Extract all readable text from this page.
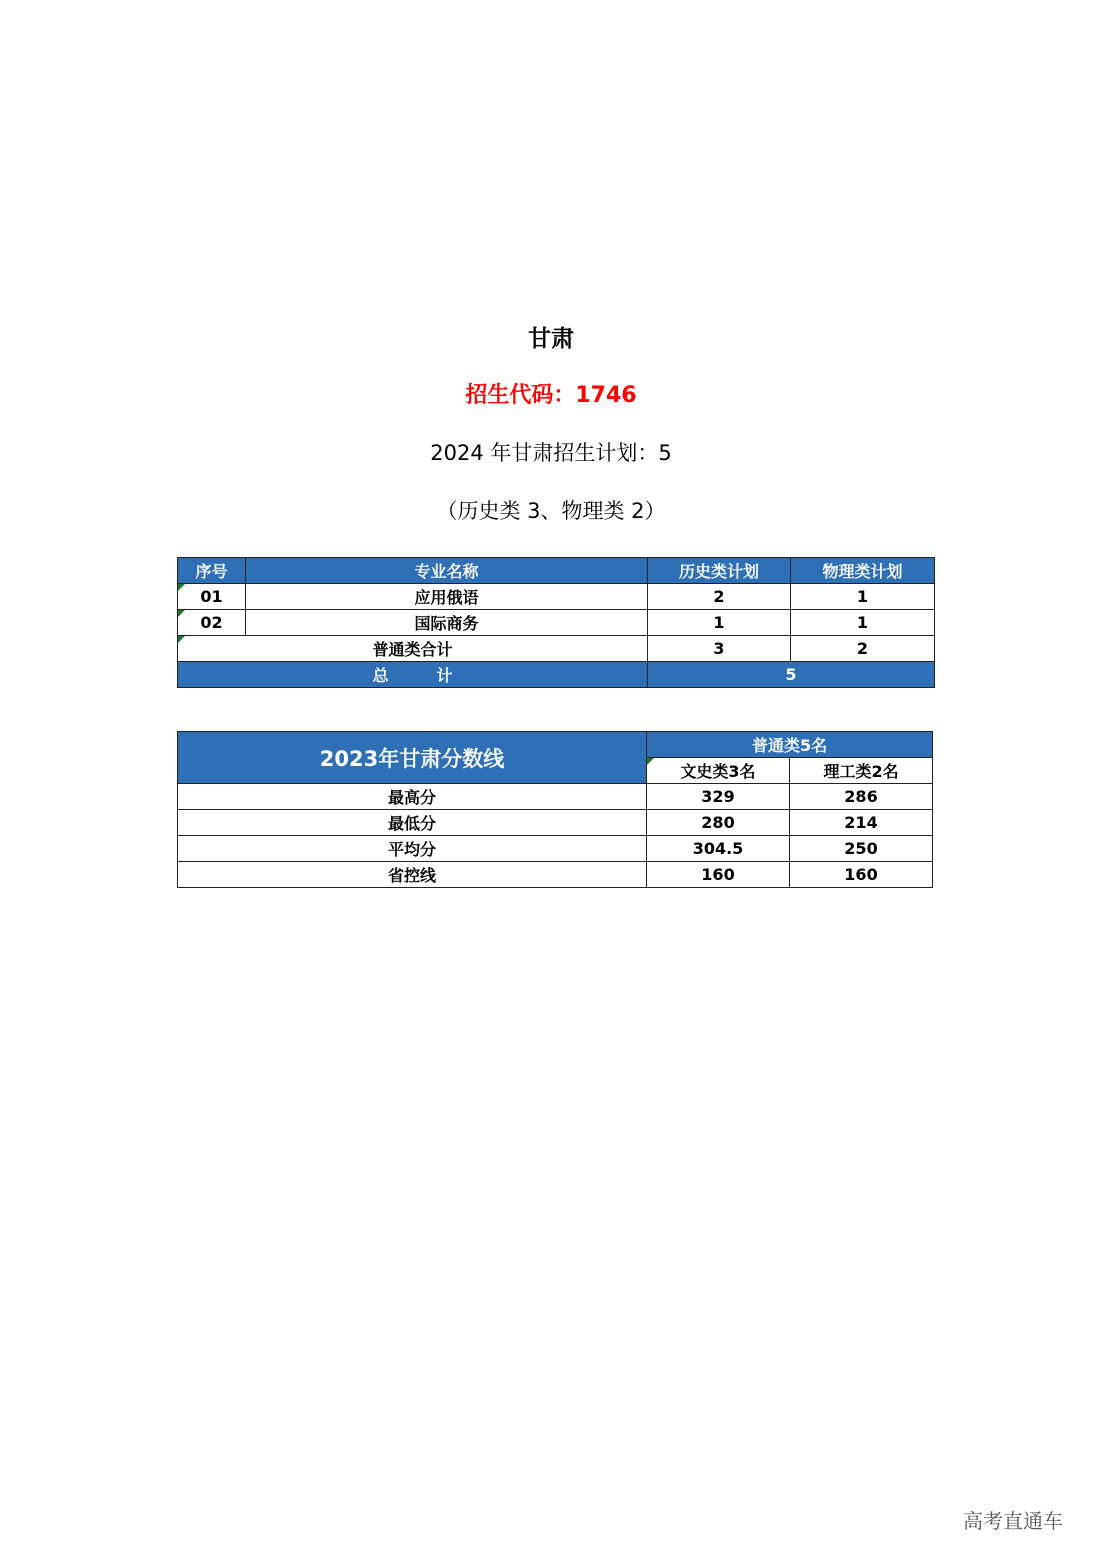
甘肃
招生代码：1746
2024 年甘肃招生计划：5
（历史类 3、物理类 2）
序号	专业名称	历史类计划	物理类计划
01	应用俄语	2	1
02	国际商务	1	1
普通类合计		3	2
总　　　计		5	
2023年甘肃分数线	普通类5名	
	文史类3名	理工类2名
最高分	329	286
最低分	280	214
平均分	304.5	250
省控线	160	160
高考直通车
